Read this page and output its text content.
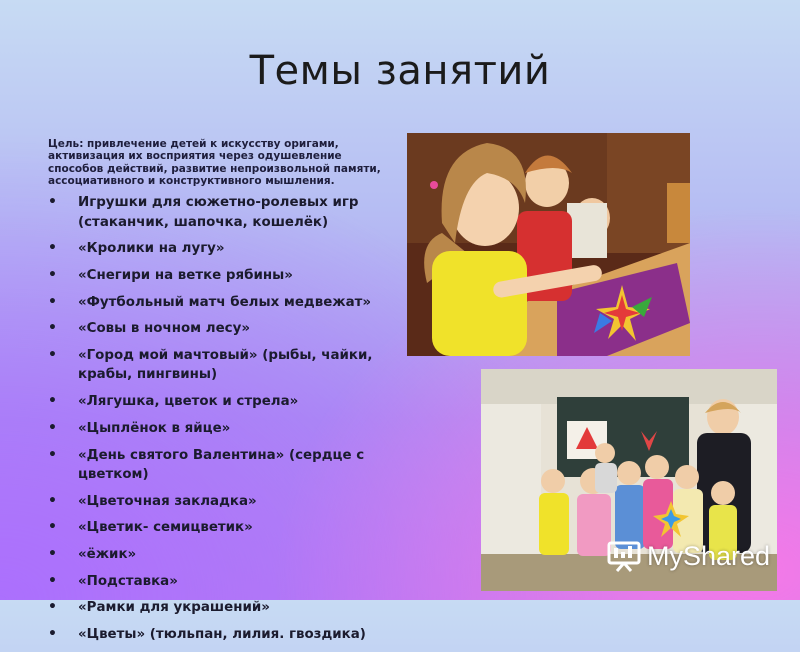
Темы занятий
Цель: привлечение детей к искусству оригами, активизация их восприятия через одушевление способов действий, развитие непроизвольной памяти, ассоциативного и конструктивного мышления.
• Игрушки для сюжетно-ролевых игр (стаканчик, шапочка, кошелёк)
• «Кролики на лугу»
• «Снегири на ветке рябины»
• «Футбольный матч белых медвежат»
• «Совы в ночном лесу»
• «Город мой мачтовый» (рыбы, чайки, крабы, пингвины)
• «Лягушка, цветок и стрела»
• «Цыплёнок в яйце»
• «День святого Валентина» (сердце с цветком)
• «Цветочная закладка»
• «Цветик- семицветик»
• «ёжик»
• «Подставка»
• «Рамки для украшений»
• «Цветы» (тюльпан, лилия. гвоздика)
MyShared
